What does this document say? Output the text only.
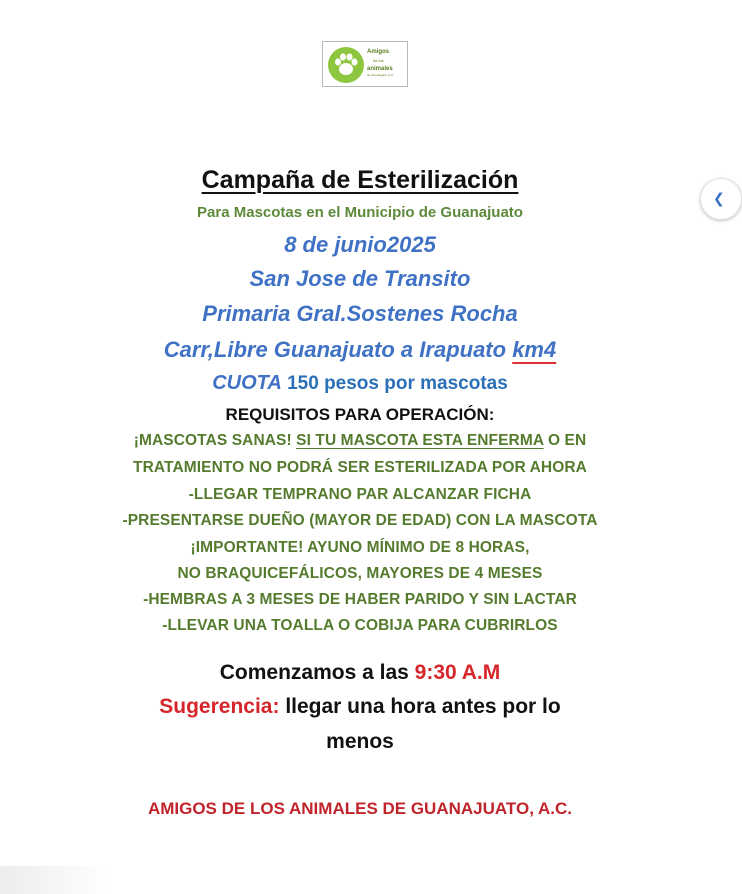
Amigos
de los
animales
de Guanajuato, A.C.
Campaña de Esterilización
Para Mascotas en el Municipio de Guanajuato
8 de junio2025
San Jose de Transito
Primaria Gral.Sostenes Rocha
Carr,Libre Guanajuato a Irapuato km4
CUOTA 150 pesos por mascotas
REQUISITOS PARA OPERACIÓN:
¡MASCOTAS SANAS! SI TU MASCOTA ESTA ENFERMA O EN
TRATAMIENTO NO PODRÁ SER ESTERILIZADA POR AHORA
-LLEGAR TEMPRANO PAR ALCANZAR FICHA
-PRESENTARSE DUEÑO (MAYOR DE EDAD) CON LA MASCOTA
¡IMPORTANTE! AYUNO MÍNIMO DE 8 HORAS,
NO BRAQUICEFÁLICOS, MAYORES DE 4 MESES
-HEMBRAS A 3 MESES DE HABER PARIDO Y SIN LACTAR
-LLEVAR UNA TOALLA O COBIJA PARA CUBRIRLOS
Comenzamos a las 9:30 A.M
Sugerencia: llegar una hora antes por lo
menos
AMIGOS DE LOS ANIMALES DE GUANAJUATO, A.C.
❮
